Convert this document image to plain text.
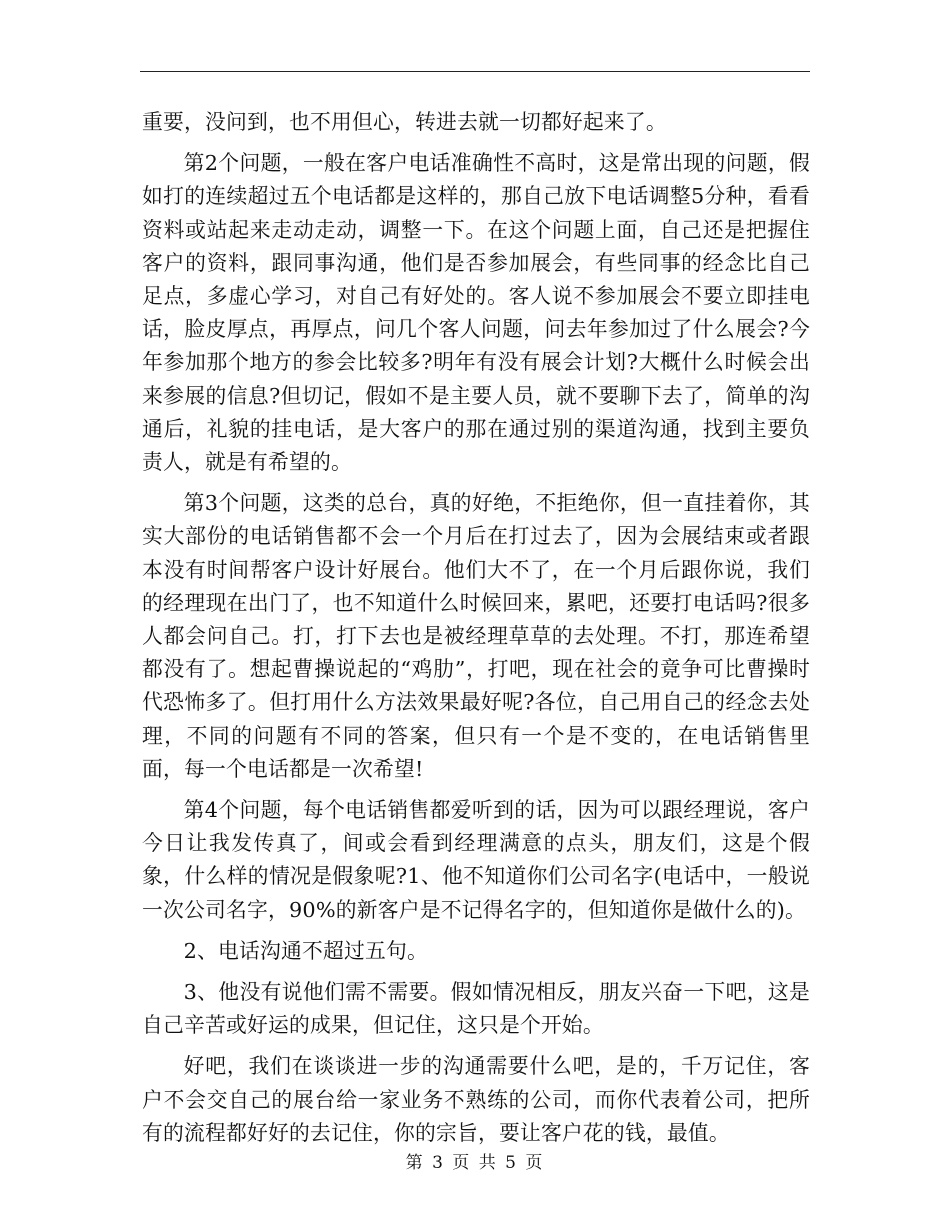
重要，没问到，也不用但心，转进去就一切都好起来了。

第2个问题，一般在客户电话准确性不高时，这是常出现的问题，假如打的连续超过五个电话都是这样的，那自己放下电话调整5分种，看看资料或站起来走动走动，调整一下。在这个问题上面，自己还是把握住客户的资料，跟同事沟通，他们是否参加展会，有些同事的经念比自己足点，多虚心学习，对自己有好处的。客人说不参加展会不要立即挂电话，脸皮厚点，再厚点，问几个客人问题，问去年参加过了什么展会?今年参加那个地方的参会比较多?明年有没有展会计划?大概什么时候会出来参展的信息?但切记，假如不是主要人员，就不要聊下去了，简单的沟通后，礼貌的挂电话，是大客户的那在通过别的渠道沟通，找到主要负责人，就是有希望的。

第3个问题，这类的总台，真的好绝，不拒绝你，但一直挂着你，其实大部份的电话销售都不会一个月后在打过去了，因为会展结束或者跟本没有时间帮客户设计好展台。他们大不了，在一个月后跟你说，我们的经理现在出门了，也不知道什么时候回来，累吧，还要打电话吗?很多人都会问自己。打，打下去也是被经理草草的去处理。不打，那连希望都没有了。想起曹操说起的“鸡肋”，打吧，现在社会的竟争可比曹操时代恐怖多了。但打用什么方法效果最好呢?各位，自己用自己的经念去处理，不同的问题有不同的答案，但只有一个是不变的，在电话销售里面，每一个电话都是一次希望!

第4个问题，每个电话销售都爱听到的话，因为可以跟经理说，客户今日让我发传真了，间或会看到经理满意的点头，朋友们，这是个假象，什么样的情况是假象呢?1、他不知道你们公司名字(电话中，一般说一次公司名字，90%的新客户是不记得名字的，但知道你是做什么的)。

2、电话沟通不超过五句。

3、他没有说他们需不需要。假如情况相反，朋友兴奋一下吧，这是自己辛苦或好运的成果，但记住，这只是个开始。

好吧，我们在谈谈进一步的沟通需要什么吧，是的，千万记住，客户不会交自己的展台给一家业务不熟练的公司，而你代表着公司，把所有的流程都好好的去记住，你的宗旨，要让客户花的钱，最值。

第 3 页 共 5 页
